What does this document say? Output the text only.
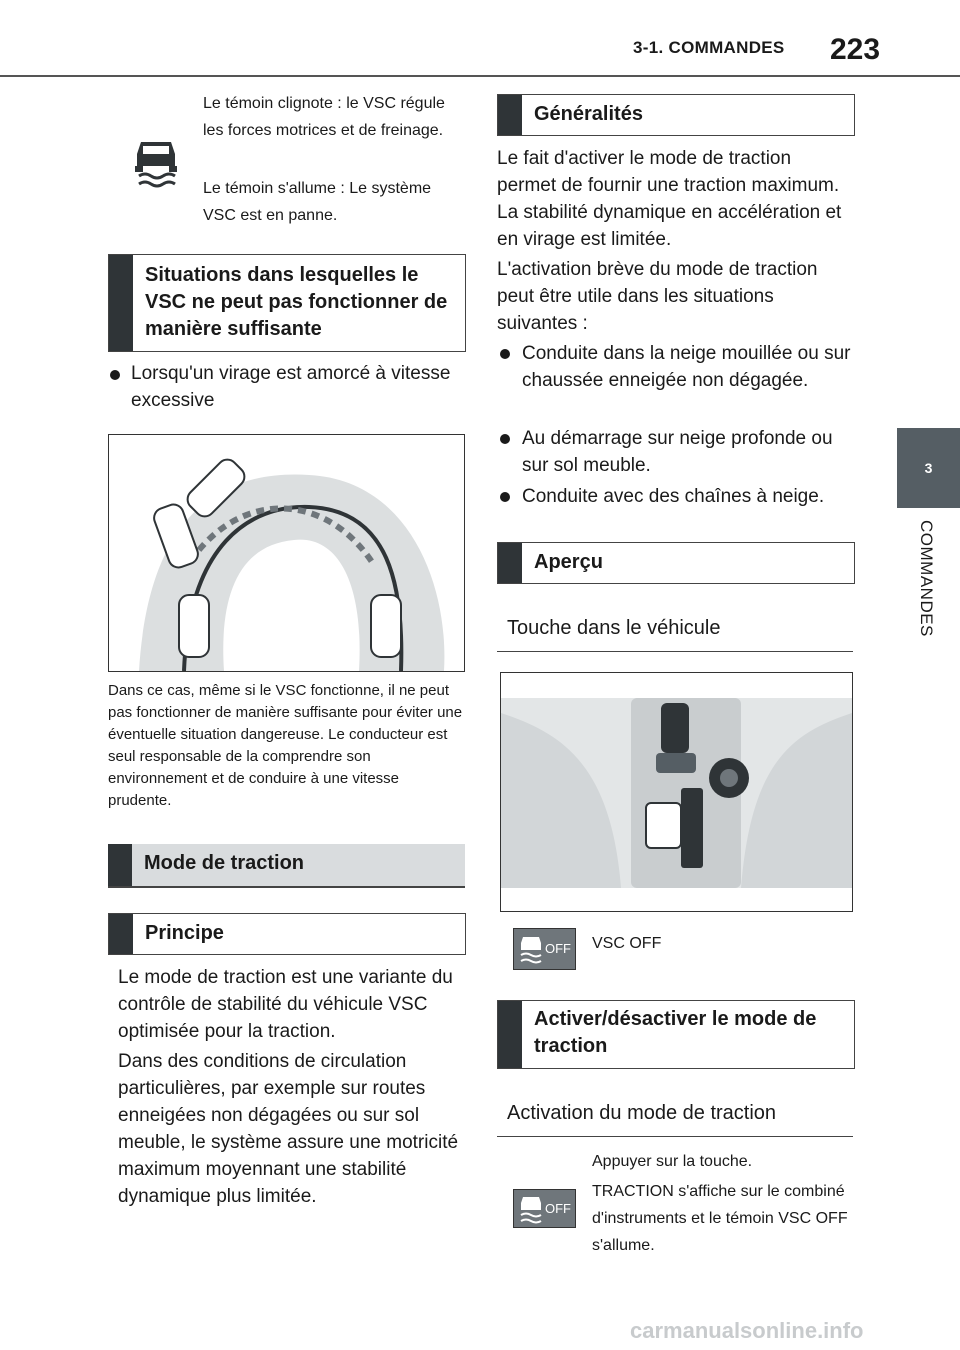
3-1. COMMANDES 223
3
COMMANDES
Le témoin clignote : le VSC régule les forces motrices et de freinage.
Le témoin s'allume : Le système VSC est en panne.
Situations dans lesquelles le VSC ne peut pas fonctionner de manière suffisante
Lorsqu'un virage est amorcé à vitesse excessive
Dans ce cas, même si le VSC fonctionne, il ne peut pas fonctionner de manière suffisante pour éviter une éventuelle situation dangereuse. Le conducteur est seul responsable de la comprendre son environnement et de conduire à une vitesse prudente.
Mode de traction
Principe
Le mode de traction est une variante du contrôle de stabilité du véhicule VSC optimisée pour la traction.
Dans des conditions de circulation particulières, par exemple sur routes enneigées non dégagées ou sur sol meuble, le système assure une motricité maximum moyennant une stabilité dynamique plus limitée.
Généralités
Le fait d'activer le mode de traction permet de fournir une traction maximum. La stabilité dynamique en accélération et en virage est limitée.
L'activation brève du mode de traction peut être utile dans les situations suivantes :
Conduite dans la neige mouillée ou sur chaussée enneigée non dégagée.
Au démarrage sur neige profonde ou sur sol meuble.
Conduite avec des chaînes à neige.
Aperçu
Touche dans le véhicule
OFF VSC OFF
Activer/désactiver le mode de traction
Activation du mode de traction
Appuyer sur la touche.
OFF
TRACTION s'affiche sur le combiné d'instruments et le témoin VSC OFF s'allume.
carmanualsonline.info
